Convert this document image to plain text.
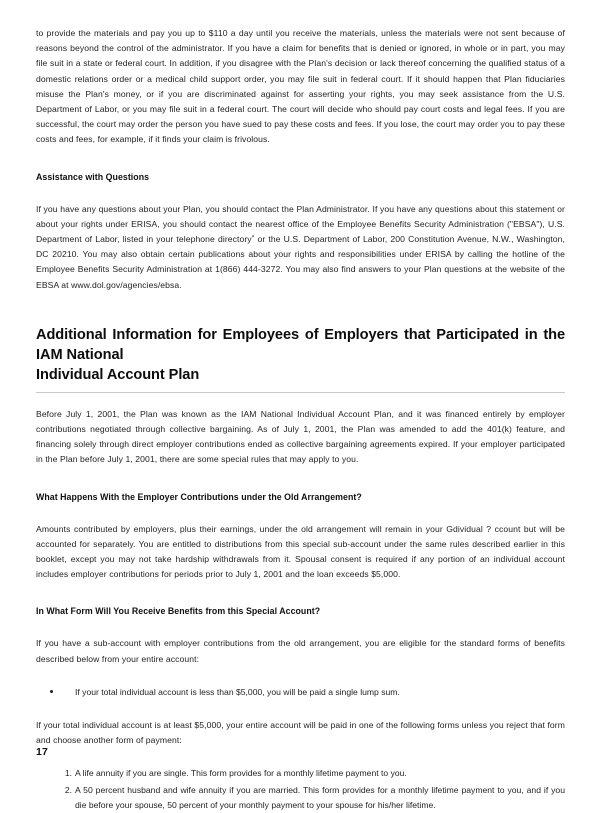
to provide the materials and pay you up to $110 a day until you receive the materials, unless the materials were not sent because of reasons beyond the control of the administrator. If you have a claim for benefits that is denied or ignored, in whole or in part, you may file suit in a state or federal court. In addition, if you disagree with the Plan's decision or lack thereof concerning the qualified status of a domestic relations order or a medical child support order, you may file suit in federal court. If it should happen that Plan fiduciaries misuse the Plan's money, or if you are discriminated against for asserting your rights, you may seek assistance from the U.S. Department of Labor, or you may file suit in a federal court. The court will decide who should pay court costs and legal fees. If you are successful, the court may order the person you have sued to pay these costs and fees. If you lose, the court may order you to pay these costs and fees, for example, if it finds your claim is frivolous.

Assistance with Questions

If you have any questions about your Plan, you should contact the Plan Administrator. If you have any questions about this statement or about your rights under ERISA, you should contact the nearest office of the Employee Benefits Security Administration ("EBSA"), U.S. Department of Labor, listed in your telephone directory* or the U.S. Department of Labor, 200 Constitution Avenue, N.W., Washington, DC 20210. You may also obtain certain publications about your rights and responsibilities under ERISA by calling the hotline of the Employee Benefits Security Administration at 1(866) 444-3272. You may also find answers to your Plan questions at the website of the EBSA at www.dol.gov/agencies/ebsa.

Additional Information for Employees of Employers that Participated in the IAM National
Individual Account Plan

Before July 1, 2001, the Plan was known as the IAM National Individual Account Plan, and it was financed entirely by employer contributions negotiated through collective bargaining. As of July 1, 2001, the Plan was amended to add the 401(k) feature, and financing solely through direct employer contributions ended as collective bargaining agreements expired. If your employer participated in the Plan before July 1, 2001, there are some special rules that may apply to you.

What Happens With the Employer Contributions under the Old Arrangement?

Amounts contributed by employers, plus their earnings, under the old arrangement will remain in your Gdividual ? ccount but will be accounted for separately. You are entitled to distributions from this special sub-account under the same rules described earlier in this booklet, except you may not take hardship withdrawals from it. Spousal consent is required if any portion of an individual account includes employer contributions for periods prior to July 1, 2001 and the loan exceeds $5,000.

In What Form Will You Receive Benefits from this Special Account?

If you have a sub-account with employer contributions from the old arrangement, you are eligible for the standard forms of benefits described below from your entire account:

If your total individual account is less than $5,000, you will be paid a single lump sum.

If your total individual account is at least $5,000, your entire account will be paid in one of the following forms unless you reject that form and choose another form of payment:

1. A life annuity if you are single. This form provides for a monthly lifetime payment to you.
2. A 50 percent husband and wife annuity if you are married. This form provides for a monthly lifetime payment to you, and if you die before your spouse, 50 percent of your monthly payment to your spouse for his/her lifetime.
17
